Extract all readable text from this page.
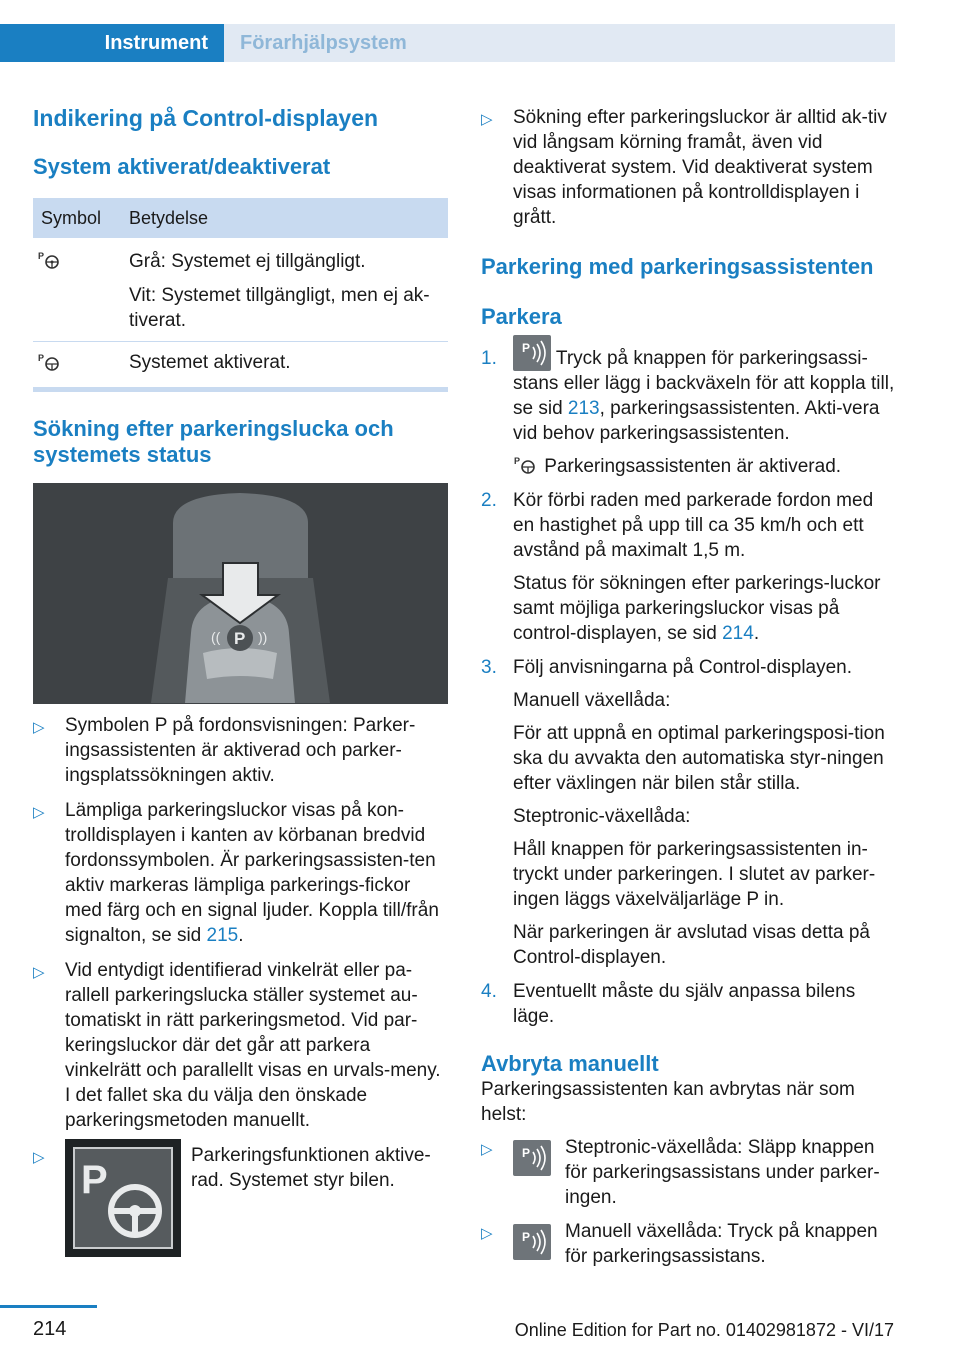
Instrument	Förarhjälpsystem
Indikering på Control-displayen
System aktiverat/deaktiverat
Symbol	Betydelse

P	Grå: Systemet ej tillgängligt.

Vit: Systemet tillgängligt, men ej ak-tiverat.

P	Systemet aktiverat.
Sökning efter parkeringslucka och systemets status
P
((	))
▷	Symbolen P på fordonsvisningen: Parker-ingsassistenten är aktiverad och parker-ingsplatssökningen aktiv.

▷	Lämpliga parkeringsluckor visas på kon-trolldisplayen i kanten av körbanan bredvid fordonssymbolen. Är parkeringsassisten-ten aktiv markeras lämpliga parkerings-fickor med färg och en signal ljuder. Koppla till/från signalton, se sid 215.

▷	Vid entydigt identifierad vinkelrät eller pa-rallell parkeringslucka ställer systemet au-tomatiskt in rätt parkeringsmetod. Vid par-keringsluckor där det går att parkera vinkelrätt och parallellt visas en urvals-meny. I det fallet ska du välja den önskade parkeringsmetoden manuellt.

▷
P

Parkeringsfunktionen aktive-rad. Systemet styr bilen.

▷	Sökning efter parkeringsluckor är alltid ak-tiv vid långsam körning framåt, även vid deaktiverat system. Vid deaktiverat system visas informationen på kontrolldisplayen i grått.

Parkering med parkeringsassistenten
Parkera
1.

P
Tryck på knappen för parkeringsassi-stans eller lägg i backväxeln för att koppla till, se sid 213, parkeringsassistenten. Akti-vera vid behov parkeringsassistenten.

P Parkeringsassistenten är aktiverad.

2. Kör förbi raden med parkerade fordon med en hastighet på upp till ca 35 km/h och ett avstånd på maximalt 1,5 m.

Status för sökningen efter parkerings-luckor samt möjliga parkeringsluckor visas på control-displayen, se sid 214.

3. Följ anvisningarna på Control-displayen.

Manuell växellåda:

För att uppnå en optimal parkeringsposi-tion ska du avvakta den automatiska styr-ningen efter växlingen när bilen står stilla.

Steptronic-växellåda:

Håll knappen för parkeringsassistenten in-tryckt under parkeringen. I slutet av parker-ingen läggs växelväljarläge P in.

När parkeringen är avslutad visas detta på Control-displayen.

4. Eventuellt måste du själv anpassa bilens läge.

Avbryta manuellt

Parkeringsassistenten kan avbrytas när som helst:

▷	P Steptronic-växellåda: Släpp knappen för parkeringsassistans under parker-ingen.

▷	P Manuell växellåda: Tryck på knappen för parkeringsassistans.

214	Online Edition for Part no. 01402981872 - VI/17
